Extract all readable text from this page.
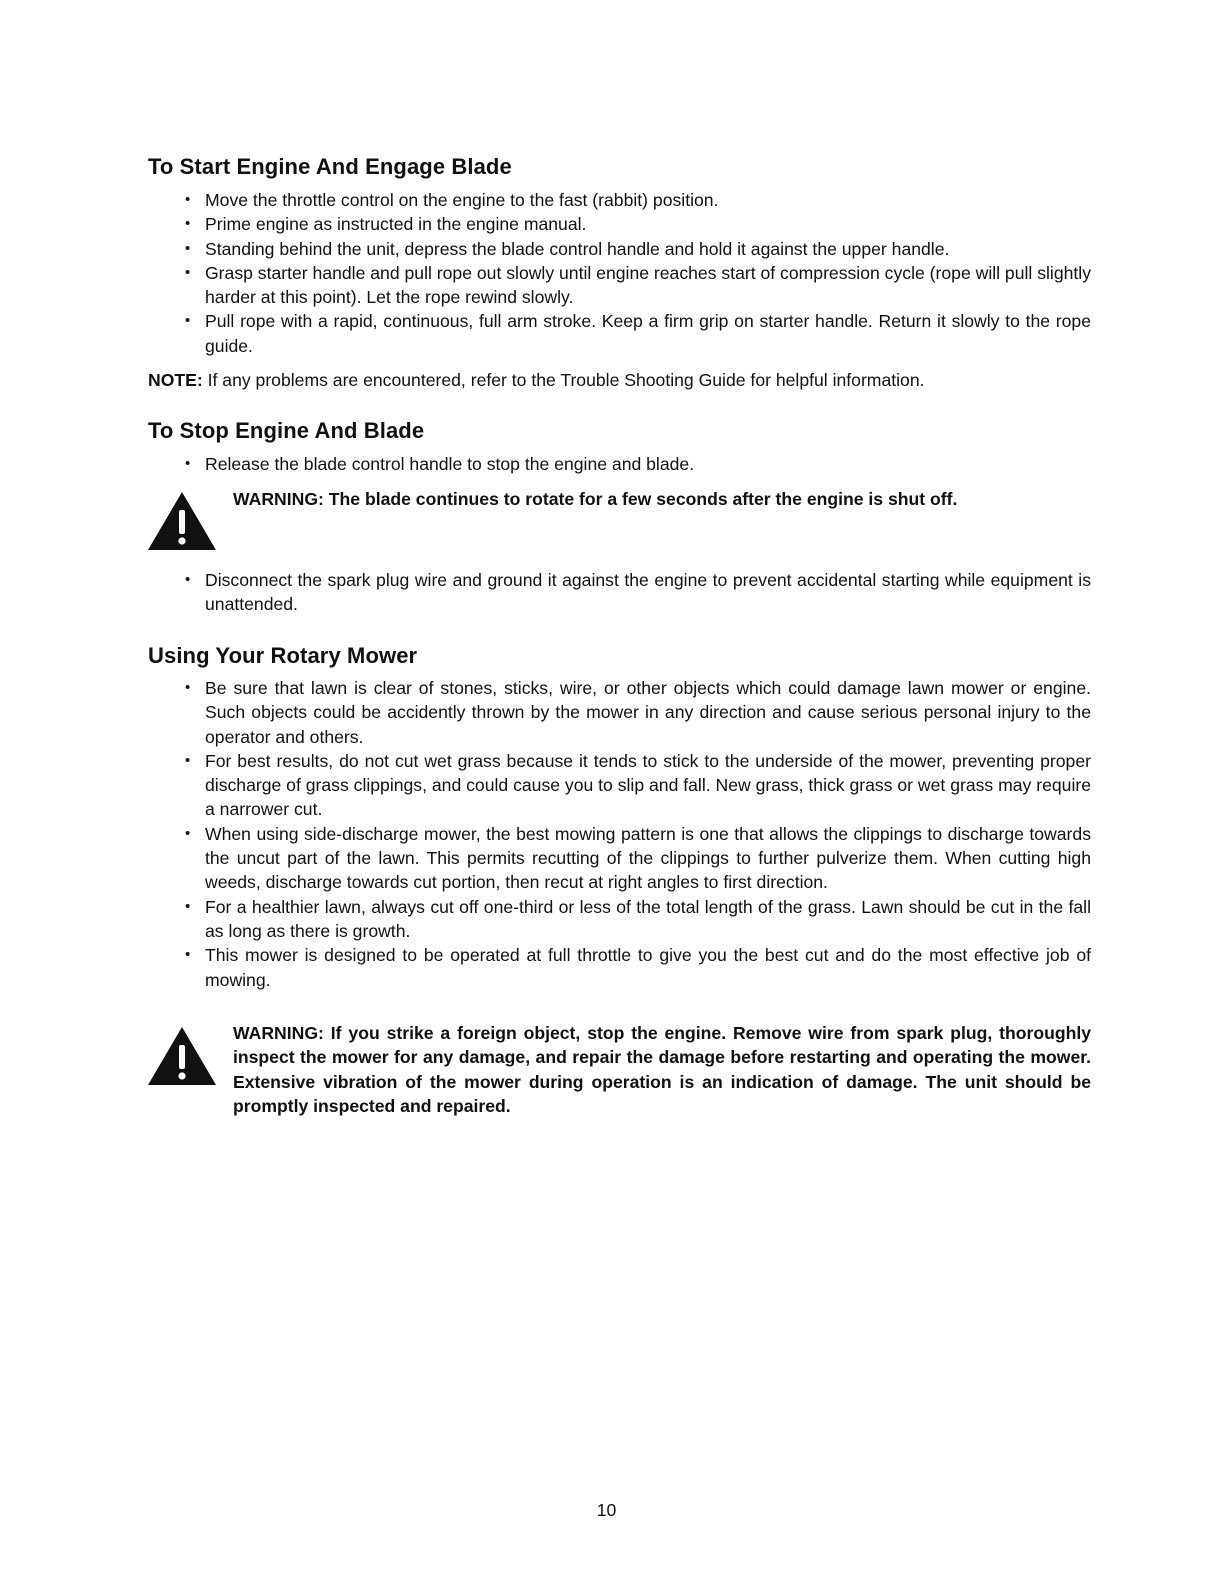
To Start Engine And Engage Blade
• Move the throttle control on the engine to the fast (rabbit) position.
• Prime engine as instructed in the engine manual.
• Standing behind the unit, depress the blade control handle and hold it against the upper handle.
• Grasp starter handle and pull rope out slowly until engine reaches start of compression cycle (rope will pull slightly harder at this point). Let the rope rewind slowly.
• Pull rope with a rapid, continuous, full arm stroke. Keep a firm grip on starter handle. Return it slowly to the rope guide.

NOTE: If any problems are encountered, refer to the Trouble Shooting Guide for helpful information.

To Stop Engine And Blade
• Release the blade control handle to stop the engine and blade.

WARNING: The blade continues to rotate for a few seconds after the engine is shut off.

• Disconnect the spark plug wire and ground it against the engine to prevent accidental starting while equipment is unattended.
Using Your Rotary Mower
• Be sure that lawn is clear of stones, sticks, wire, or other objects which could damage lawn mower or engine. Such objects could be accidently thrown by the mower in any direction and cause serious personal injury to the operator and others.
• For best results, do not cut wet grass because it tends to stick to the underside of the mower, preventing proper discharge of grass clippings, and could cause you to slip and fall. New grass, thick grass or wet grass may require a narrower cut.
• When using side-discharge mower, the best mowing pattern is one that allows the clippings to discharge towards the uncut part of the lawn. This permits recutting of the clippings to further pulverize them. When cutting high weeds, discharge towards cut portion, then recut at right angles to first direction.
• For a healthier lawn, always cut off one-third or less of the total length of the grass. Lawn should be cut in the fall as long as there is growth.
• This mower is designed to be operated at full throttle to give you the best cut and do the most effective job of mowing.

WARNING: If you strike a foreign object, stop the engine. Remove wire from spark plug, thoroughly inspect the mower for any damage, and repair the damage before restarting and operating the mower. Extensive vibration of the mower during operation is an indication of damage. The unit should be promptly inspected and repaired.

10
